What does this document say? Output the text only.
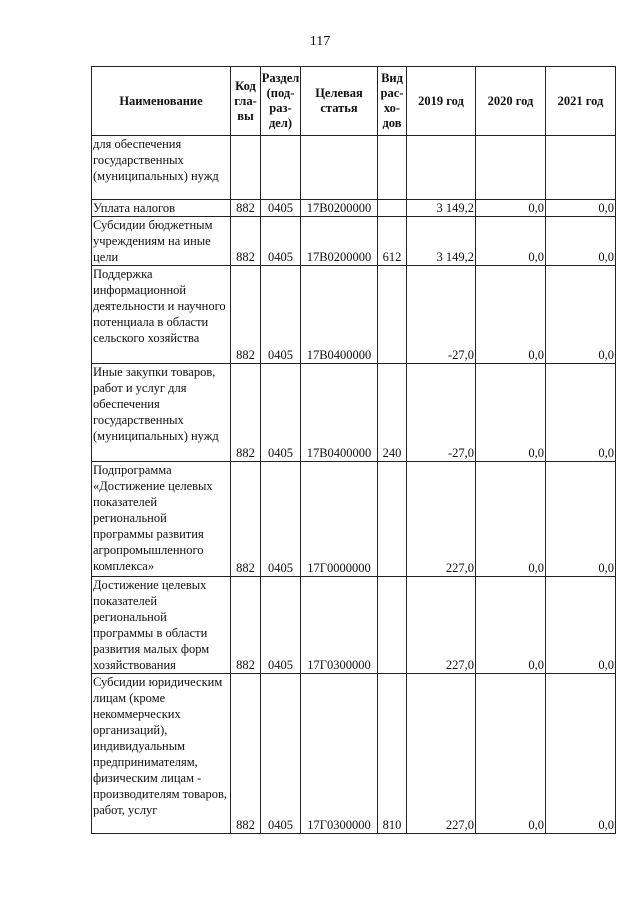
117
Наименование	Код гла- вы	Раздел (под- раз- дел)	Целевая статья	Вид рас- хо- дов	2019 год	2020 год	2021 год
для обеспечения государственных (муниципальных) нужд							
Уплата налогов	882	0405	17В0200000		3 149,2	0,0	0,0
Субсидии бюджетным учреждениям на иные цели	882	0405	17В0200000	612	3 149,2	0,0	0,0
Поддержка информационной деятельности и научного потенциала в области сельского хозяйства	882	0405	17В0400000		-27,0	0,0	0,0
Иные закупки товаров, работ и услуг для обеспечения государственных (муниципальных) нужд	882	0405	17В0400000	240	-27,0	0,0	0,0
Подпрограмма «Достижение целевых показателей региональной программы развития агропромышленного комплекса»	882	0405	17Г0000000		227,0	0,0	0,0
Достижение целевых показателей региональной программы в области развития малых форм хозяйствования	882	0405	17Г0300000		227,0	0,0	0,0
Субсидии юридическим лицам (кроме некоммерческих организаций), индивидуальным предпринимателям, физическим лицам - производителям товаров, работ, услуг	882	0405	17Г0300000	810	227,0	0,0	0,0
